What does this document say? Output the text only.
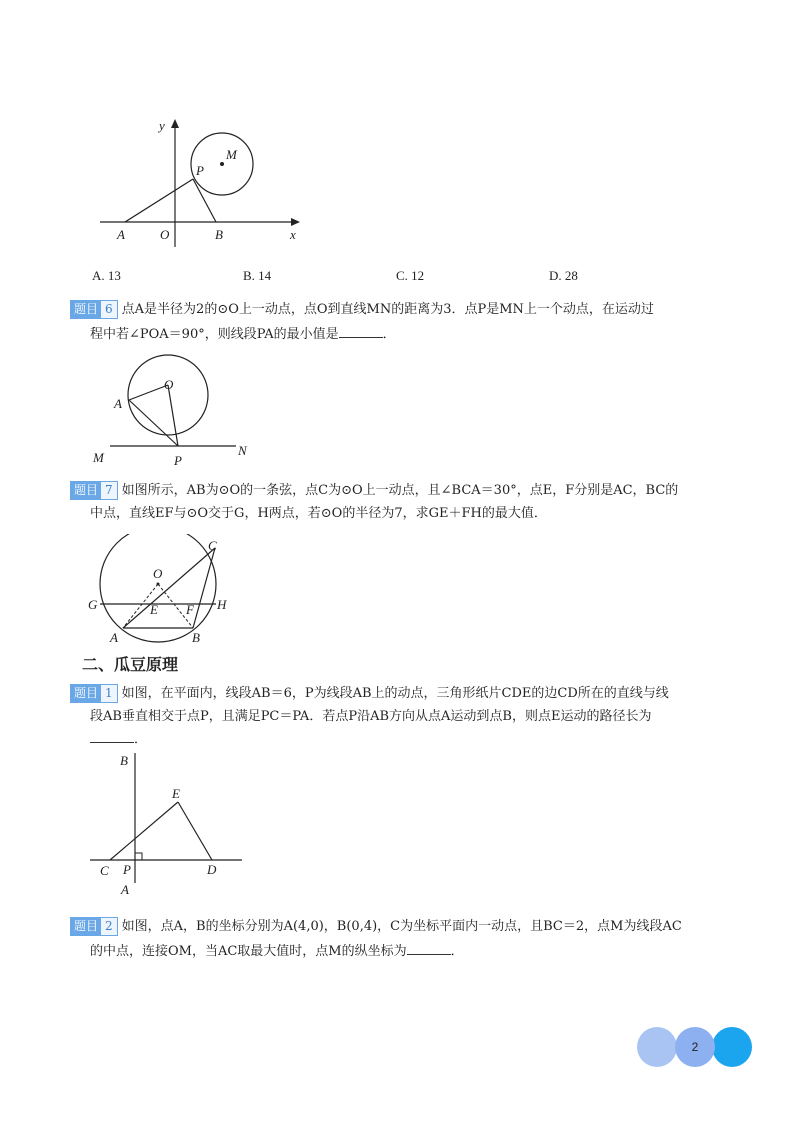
y
M
P
A	O	B	x
A. 13	B. 14	C. 12	D. 28
题目 6 点A是半径为2的⊙O上一动点，点O到直线MN的距离为3．点P是MN上一个动点，在运动过
程中若∠POA＝90°，则线段PA的最小值是	．
O
A
M	P
N
题目 7 如图所示，AB为⊙O的一条弦，点C为⊙O上一动点，且∠BCA＝30°，点E，F分别是AC，BC的
中点，直线EF与⊙O交于G，H两点，若⊙O的半径为7，求GE＋FH的最大值．
C
O
G	E F H
A	B
二、瓜豆原理
题目 1 如图，在平面内，线段AB＝6，P为线段AB上的动点，三角形纸片CDE的边CD所在的直线与线
段AB垂直相交于点P，且满足PC＝PA．若点P沿AB方向从点A运动到点B，则点E运动的路径长为
．
B
E
C P	D
A
题目 2 如图，点A，B的坐标分别为A(4,0)，B(0,4)，C为坐标平面内一动点，且BC＝2，点M为线段AC
的中点，连接OM，当AC取最大值时，点M的纵坐标为	．
2
